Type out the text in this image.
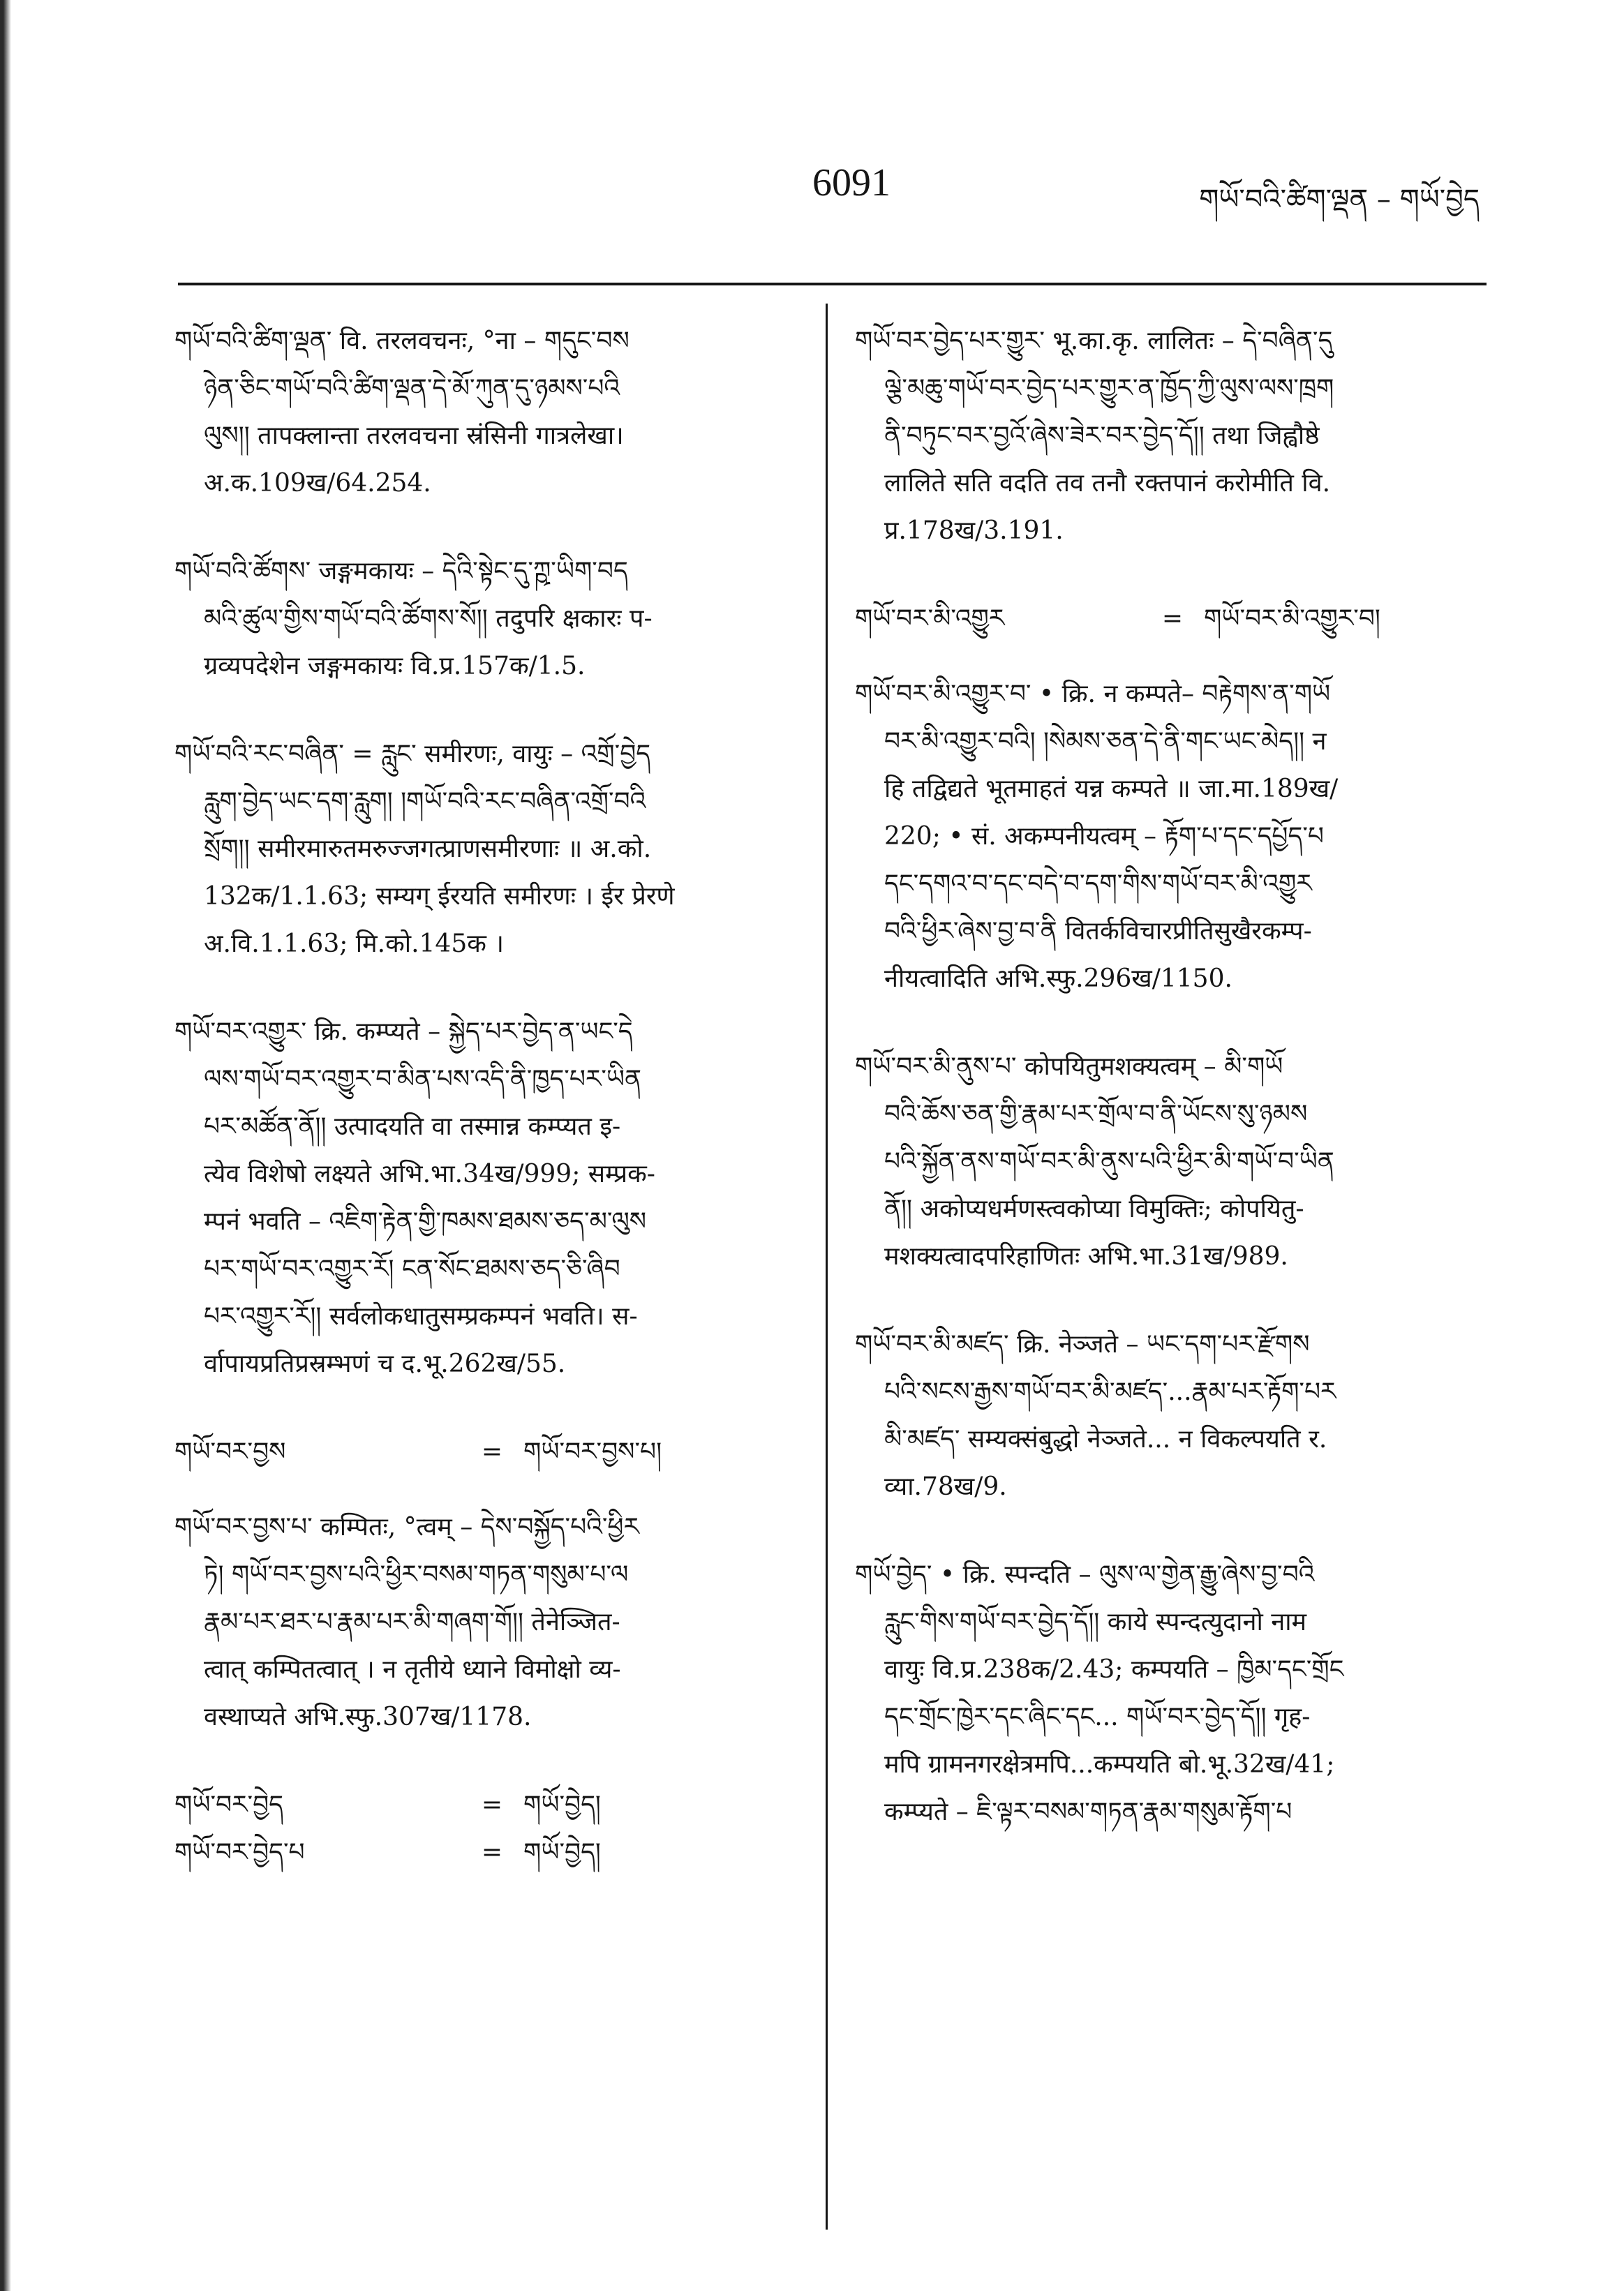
6091	གཡོ་བའི་ཚིག་ལྡན – གཡོ་བྱེད
གཡོ་བའི་ཚིག་ལྡན་ वि. तरलवचनः, °ना – གདུང་བས
ཉེན་ཅིང་གཡོ་བའི་ཚིག་ལྡན་དེ་མོ་ཀུན་དུ་ཉམས་པའི
ལུས།། तापक्लान्ता तरलवचना स्रंसिनी गात्रलेखा।
अ.क.109ख/64.254.
གཡོ་བའི་ཚོགས་ जङ्गमकायः – དེའི་སྟེང་དུ་ཀྵ་ཡིག་བད
མའི་ཚུལ་གྱིས་གཡོ་བའི་ཚོགས་སོ།། तदुपरि क्षकारः प-
ग्रव्यपदेशेन जङ्गमकायः वि.प्र.157क/1.5.
གཡོ་བའི་རང་བཞིན་ = རླུང་ समीरणः, वायुः – འགྲོ་བྱེད
རླུག་བྱེད་ཡང་དག་རླུག། །གཡོ་བའི་རང་བཞིན་འགྲོ་བའི
སྲོག།། समीरमारुतमरुज्जगत्प्राणसमीरणाः ॥ अ.को.
132क/1.1.63; सम्यग् ईरयति समीरणः । ईर प्रेरणे
अ.वि.1.1.63; मि.को.145क ।
གཡོ་བར་འགྱུར་ क्रि. कम्प्यते – སྐྱེད་པར་བྱེད་ན་ཡང་དེ
ལས་གཡོ་བར་འགྱུར་བ་མིན་པས་འདི་ནི་ཁྱད་པར་ཡིན
པར་མཚོན་ནོ།། उत्पादयति वा तस्मान्न कम्प्यत इ-
त्येव विशेषो लक्ष्यते अभि.भा.34ख/999; सम्प्रक-
म्पनं भवति – འཇིག་རྟེན་གྱི་ཁམས་ཐམས་ཅད་མ་ལུས
པར་གཡོ་བར་འགྱུར་རོ། ངན་སོང་ཐམས་ཅད་ཅི་ཞིབ
པར་འགྱུར་རོ།། सर्वलोकधातुसम्प्रकम्पनं भवति। स-
र्वापायप्रतिप्रस्रम्भणं च द.भू.262ख/55.
གཡོ་བར་བྱས	= གཡོ་བར་བྱས་པ།
གཡོ་བར་བྱས་པ་ कम्पितः, °त्वम् – དེས་བསྐྱོད་པའི་ཕྱིར
ཏེ། གཡོ་བར་བྱས་པའི་ཕྱིར་བསམ་གཏན་གསུམ་པ་ལ
རྣམ་པར་ཐར་པ་རྣམ་པར་མི་གཞག་གོ།། तेनेञ्जित-
त्वात् कम्पितत्वात् । न तृतीये ध्याने विमोक्षो व्य-
वस्थाप्यते अभि.स्फु.307ख/1178.
གཡོ་བར་བྱེད	= གཡོ་བྱེད།
གཡོ་བར་བྱེད་པ	= གཡོ་བྱེད།
གཡོ་བར་བྱེད་པར་གྱུར་ भू.का.कृ. लालितः – དེ་བཞིན་དུ
ལྕེ་མཆུ་གཡོ་བར་བྱེད་པར་གྱུར་ན་ཁྱོད་ཀྱི་ལུས་ལས་ཁྲག
ནི་བཏུང་བར་བྱའོ་ཞེས་ཟེར་བར་བྱེད་དོ།། तथा जिह्वौष्ठे
लालिते सति वदति तव तनौ रक्तपानं करोमीति वि.
प्र.178ख/3.191.
གཡོ་བར་མི་འགྱུར	= གཡོ་བར་མི་འགྱུར་བ།
གཡོ་བར་མི་འགྱུར་བ་ • क्रि. न कम्पते– བརྟེགས་ན་གཡོ
བར་མི་འགྱུར་བའི། །སེམས་ཅན་དེ་ནི་གང་ཡང་མེད།། न
हि तद्विद्यते भूतमाहतं यन्न कम्पते ॥ जा.मा.189ख/
220; • सं. अकम्पनीयत्वम् – རྟོག་པ་དང་དཔྱོད་པ
དང་དགའ་བ་དང་བདེ་བ་དག་གིས་གཡོ་བར་མི་འགྱུར
བའི་ཕྱིར་ཞེས་བྱ་བ་ནི वितर्कविचारप्रीतिसुखैरकम्प-
नीयत्वादिति अभि.स्फु.296ख/1150.
གཡོ་བར་མི་ནུས་པ་ कोपयितुमशक्यत्वम् – མི་གཡོ
བའི་ཆོས་ཅན་གྱི་རྣམ་པར་གྲོལ་བ་ནི་ཡོངས་སུ་ཉམས
པའི་སྐྱོན་ནས་གཡོ་བར་མི་ནུས་པའི་ཕྱིར་མི་གཡོ་བ་ཡིན
ནོ།། अकोप्यधर्मणस्त्वकोप्या विमुक्तिः; कोपयितु-
मशक्यत्वादपरिहाणितः अभि.भा.31ख/989.
གཡོ་བར་མི་མཛད་ क्रि. नेञ्जते – ཡང་དག་པར་རྫོགས
པའི་སངས་རྒྱས་གཡོ་བར་མི་མཛད་...རྣམ་པར་རྟོག་པར
མི་མཛད་ सम्यक्संबुद्धो नेञ्जते... न विकल्पयति र.
व्या.78ख/9.
གཡོ་བྱེད་ • क्रि. स्पन्दति – ལུས་ལ་གྱེན་རྒྱུ་ཞེས་བྱ་བའི
རླུང་གིས་གཡོ་བར་བྱེད་དོ།། काये स्पन्दत्युदानो नाम
वायुः वि.प्र.238क/2.43; कम्पयति – ཁྱིམ་དང་གྲོང
དང་གྲོང་ཁྱེར་དང་ཞིང་དང... གཡོ་བར་བྱེད་དོ།། गृह-
मपि ग्रामनगरक्षेत्रमपि...कम्पयति बो.भू.32ख/41;
कम्प्यते – ཇི་ལྟར་བསམ་གཏན་རྣམ་གསུམ་རྟོག་པ
